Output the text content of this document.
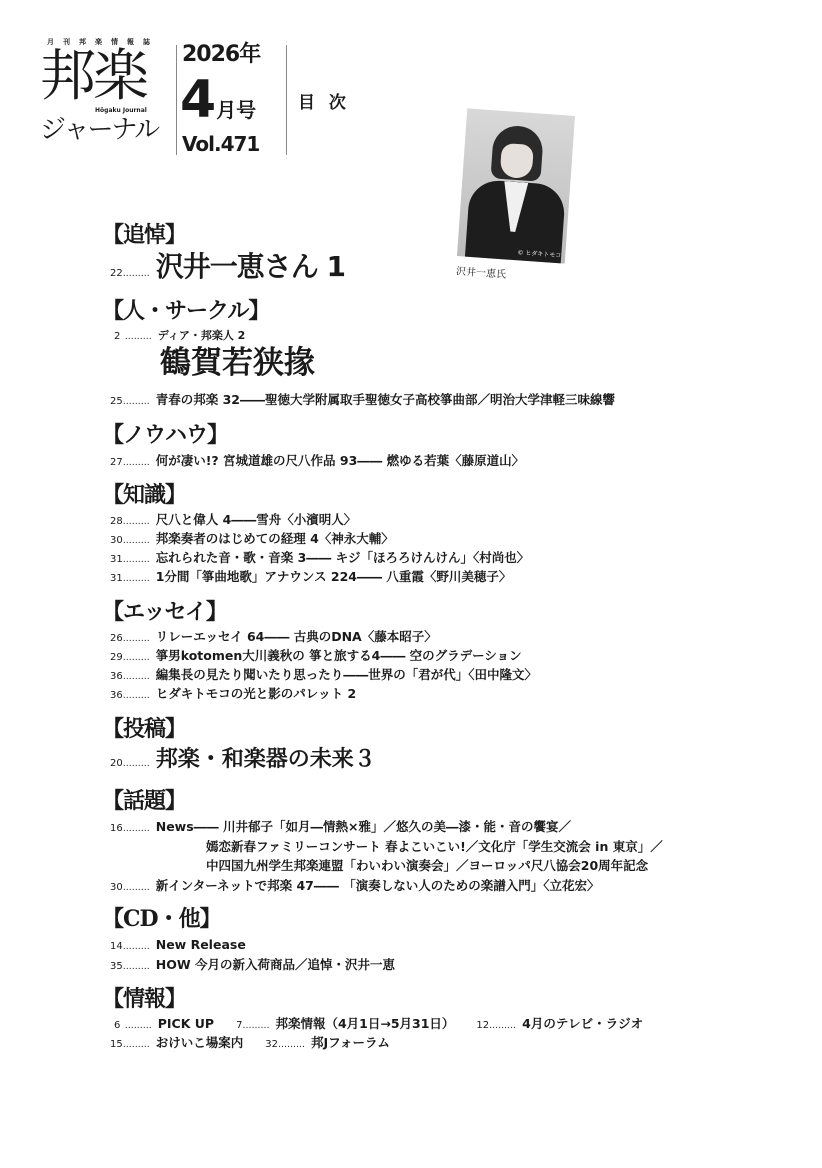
月刊邦楽情報誌
邦楽
Hōgaku Journal
ジャーナル
2026年
4月号
Vol.471
目 次
© ヒダキトモコ
沢井一恵氏
【追悼】
22……… 沢井一恵さん 1
【人・サークル】
2 ……… ディア・邦楽人 2
鶴賀若狭掾
25……… 青春の邦楽 32――聖徳大学附属取手聖徳女子高校箏曲部／明治大学津軽三味線響
【ノウハウ】
27……… 何が凄い!? 宮城道雄の尺八作品 93―― 燃ゆる若葉〈藤原道山〉
【知識】
28……… 尺八と偉人 4――雪舟〈小濱明人〉
30……… 邦楽奏者のはじめての経理 4〈神永大輔〉
31……… 忘れられた音・歌・音楽 3―― キジ「ほろろけんけん」〈村尚也〉
31……… 1分間「箏曲地歌」アナウンス 224―― 八重霞〈野川美穂子〉
【エッセイ】
26……… リレーエッセイ 64―― 古典のDNA〈藤本昭子〉
29……… 箏男kotomen大川義秋の 箏と旅する4―― 空のグラデーション
36……… 編集長の見たり聞いたり思ったり――世界の「君が代」〈田中隆文〉
36……… ヒダキトモコの光と影のパレット 2
【投稿】
20……… 邦楽・和楽器の未来３
【話題】
16……… News―― 川井郁子「如月―情熱×雅」／悠久の美―漆・能・音の饗宴／
嫣恋新春ファミリーコンサート 春よこいこい!／文化庁「学生交流会 in 東京」／
中四国九州学生邦楽連盟「わいわい演奏会」／ヨーロッパ尺八協会20周年記念
30……… 新インターネットで邦楽 47―― 「演奏しない人のための楽譜入門」〈立花宏〉
【CD・他】
14……… New Release
35……… HOW 今月の新入荷商品／追悼・沢井一恵
【情報】
6 ……… PICK UP 7……… 邦楽情報（4月1日→5月31日） 12……… 4月のテレビ・ラジオ
15……… おけいこ場案内 32……… 邦Jフォーラム
